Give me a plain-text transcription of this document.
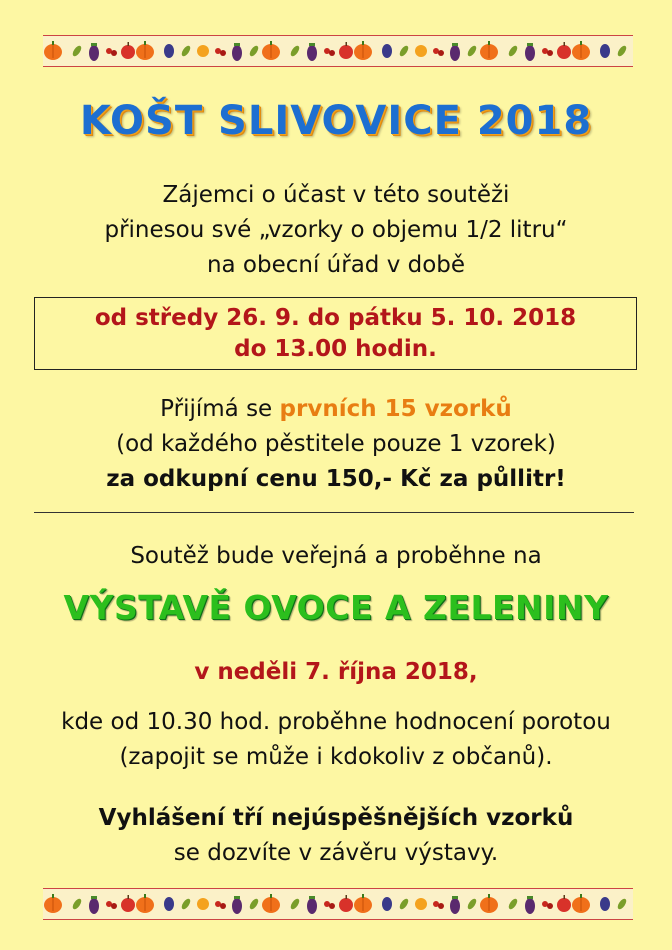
KOŠT SLIVOVICE 2018
Zájemci o účast v této soutěži
přinesou své „vzorky o objemu 1/2 litru“
na obecní úřad v době
od středy 26. 9. do pátku 5. 10. 2018
do 13.00 hodin.
Přijímá se prvních 15 vzorků
(od každého pěstitele pouze 1 vzorek)
za odkupní cenu 150,- Kč za půllitr!
Soutěž bude veřejná a proběhne na
VÝSTAVĚ OVOCE A ZELENINY
v neděli 7. října 2018,
kde od 10.30 hod. proběhne hodnocení porotou
(zapojit se může i kdokoliv z občanů).
Vyhlášení tří nejúspěšnějších vzorků
se dozvíte v závěru výstavy.
